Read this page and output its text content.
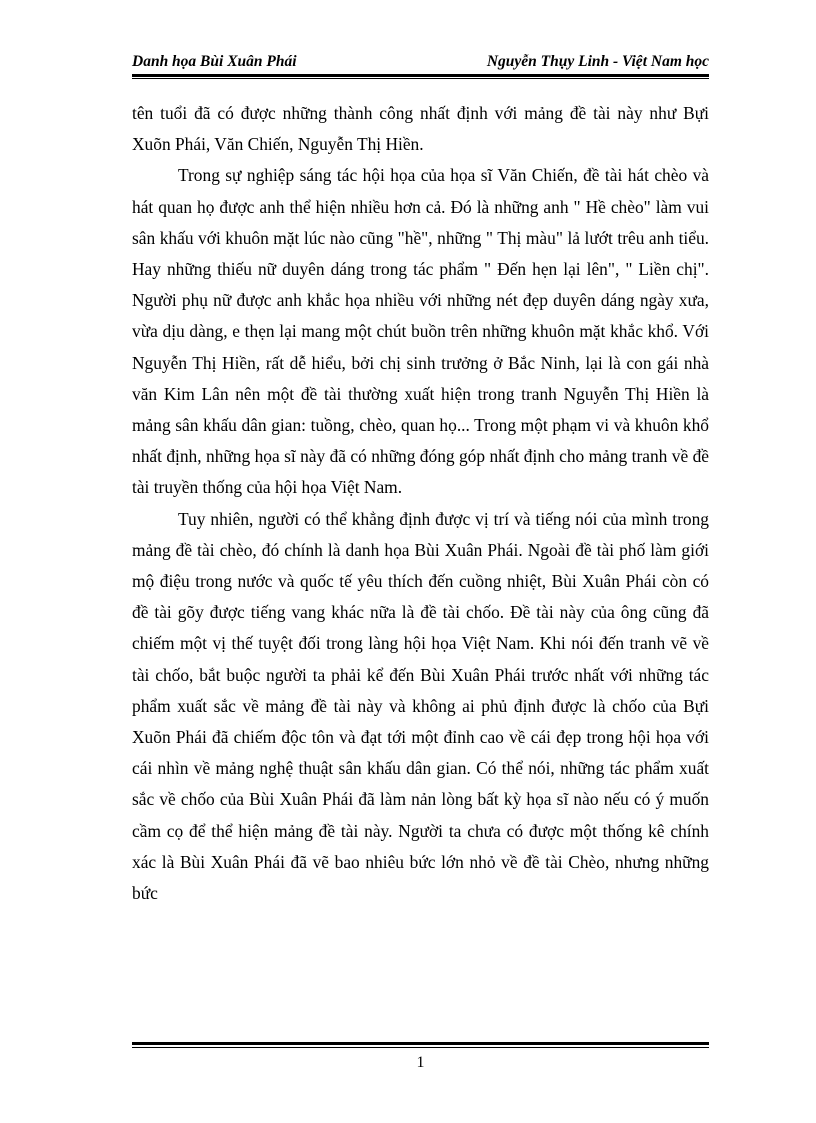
Danh họa Bùi Xuân Phái	Nguyễn Thụy Linh - Việt Nam học

tên tuổi đã có được những thành công nhất định với mảng đề tài này như Bựi Xuõn Phái, Văn Chiến, Nguyễn Thị Hiền.

Trong sự nghiệp sáng tác hội họa của họa sĩ Văn Chiến, đề tài hát chèo và hát quan họ được anh thể hiện nhiều hơn cả. Đó là những anh " Hề chèo" làm vui sân khấu với khuôn mặt lúc nào cũng "hề", những " Thị màu" lả lướt trêu anh tiểu. Hay những thiếu nữ duyên dáng trong tác phẩm " Đến hẹn lại lên", " Liền chị". Người phụ nữ được anh khắc họa nhiều với những nét đẹp duyên dáng ngày xưa, vừa dịu dàng, e thẹn lại mang một chút buồn trên những khuôn mặt khắc khổ. Với Nguyễn Thị Hiền, rất dễ hiểu, bởi chị sinh trưởng ở Bắc Ninh, lại là con gái nhà văn Kim Lân nên một đề tài thường xuất hiện trong tranh Nguyễn Thị Hiền là mảng sân khấu dân gian: tuồng, chèo, quan họ... Trong một phạm vi và khuôn khổ nhất định, những họa sĩ này đã có những đóng góp nhất định cho mảng tranh về đề tài truyền thống của hội họa Việt Nam.

Tuy nhiên, người có thể khẳng định được vị trí và tiếng nói của mình trong mảng đề tài chèo, đó chính là danh họa Bùi Xuân Phái. Ngoài đề tài phố làm giới mộ điệu trong nước và quốc tế yêu thích đến cuồng nhiệt, Bùi Xuân Phái còn có đề tài gõy được tiếng vang khác nữa là đề tài chốo. Đề tài này của ông cũng đã chiếm một vị thế tuyệt đối trong làng hội họa Việt Nam. Khi nói đến tranh vẽ về tài chốo, bắt buộc người ta phải kể đến Bùi Xuân Phái trước nhất với những tác phẩm xuất sắc về mảng đề tài này và không ai phủ định được là chốo của Bựi Xuõn Phái đã chiếm độc tôn và đạt tới một đỉnh cao về cái đẹp trong hội họa với cái nhìn về mảng nghệ thuật sân khấu dân gian. Có thể nói, những tác phẩm xuất sắc về chốo của Bùi Xuân Phái đã làm nản lòng bất kỳ họa sĩ nào nếu có ý muốn cầm cọ để thể hiện mảng đề tài này. Người ta chưa có được một thống kê chính xác là Bùi Xuân Phái đã vẽ bao nhiêu bức lớn nhỏ về đề tài Chèo, nhưng những bức

1
